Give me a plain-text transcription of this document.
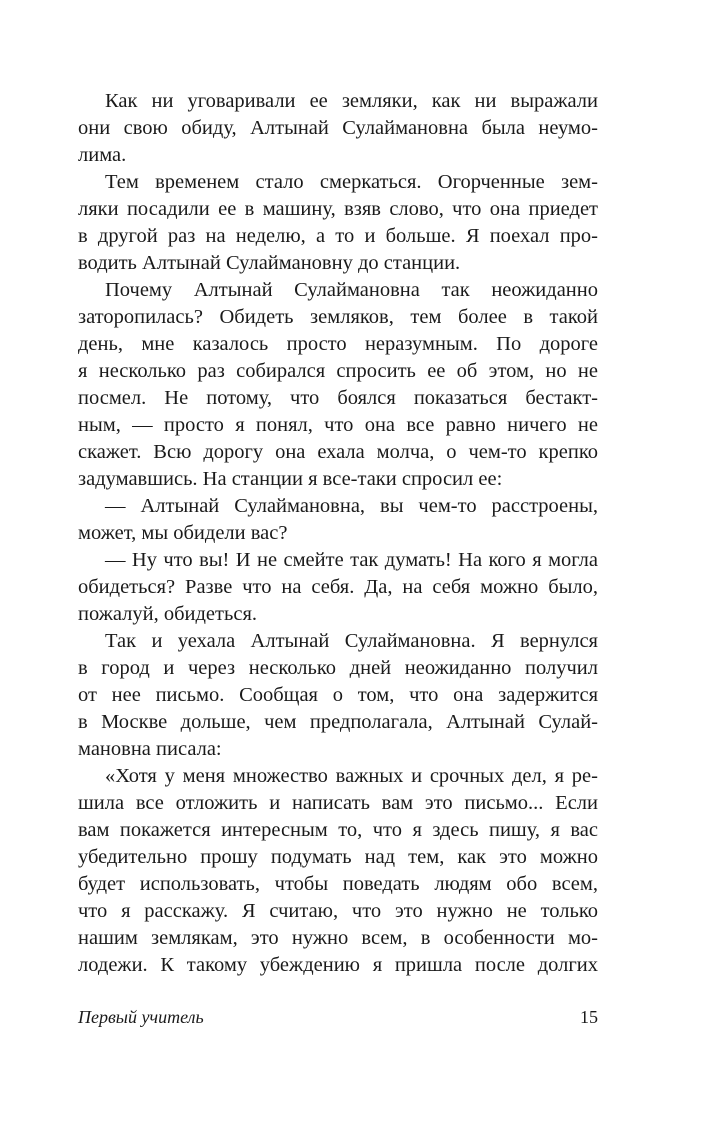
Как ни уговаривали ее земляки, как ни выражали
они свою обиду, Алтынай Сулаймановна была неумо-
лима.
Тем временем стало смеркаться. Огорченные зем-
ляки посадили ее в машину, взяв слово, что она приедет
в другой раз на неделю, а то и больше. Я поехал про-
водить Алтынай Сулаймановну до станции.
Почему Алтынай Сулаймановна так неожиданно
заторопилась? Обидеть земляков, тем более в такой
день, мне казалось просто неразумным. По дороге
я несколько раз собирался спросить ее об этом, но не
посмел. Не потому, что боялся показаться бестакт-
ным, — просто я понял, что она все равно ничего не
скажет. Всю дорогу она ехала молча, о чем-то крепко
задумавшись. На станции я все-таки спросил ее:
— Алтынай Сулаймановна, вы чем-то расстроены,
может, мы обидели вас?
— Ну что вы! И не смейте так думать! На кого я могла
обидеться? Разве что на себя. Да, на себя можно было,
пожалуй, обидеться.
Так и уехала Алтынай Сулаймановна. Я вернулся
в город и через несколько дней неожиданно получил
от нее письмо. Сообщая о том, что она задержится
в Москве дольше, чем предполагала, Алтынай Сулай-
мановна писала:
«Хотя у меня множество важных и срочных дел, я ре-
шила все отложить и написать вам это письмо... Если
вам покажется интересным то, что я здесь пишу, я вас
убедительно прошу подумать над тем, как это можно
будет использовать, чтобы поведать людям обо всем,
что я расскажу. Я считаю, что это нужно не только
нашим землякам, это нужно всем, в особенности мо-
лодежи. К такому убеждению я пришла после долгих
Первый учитель	15
